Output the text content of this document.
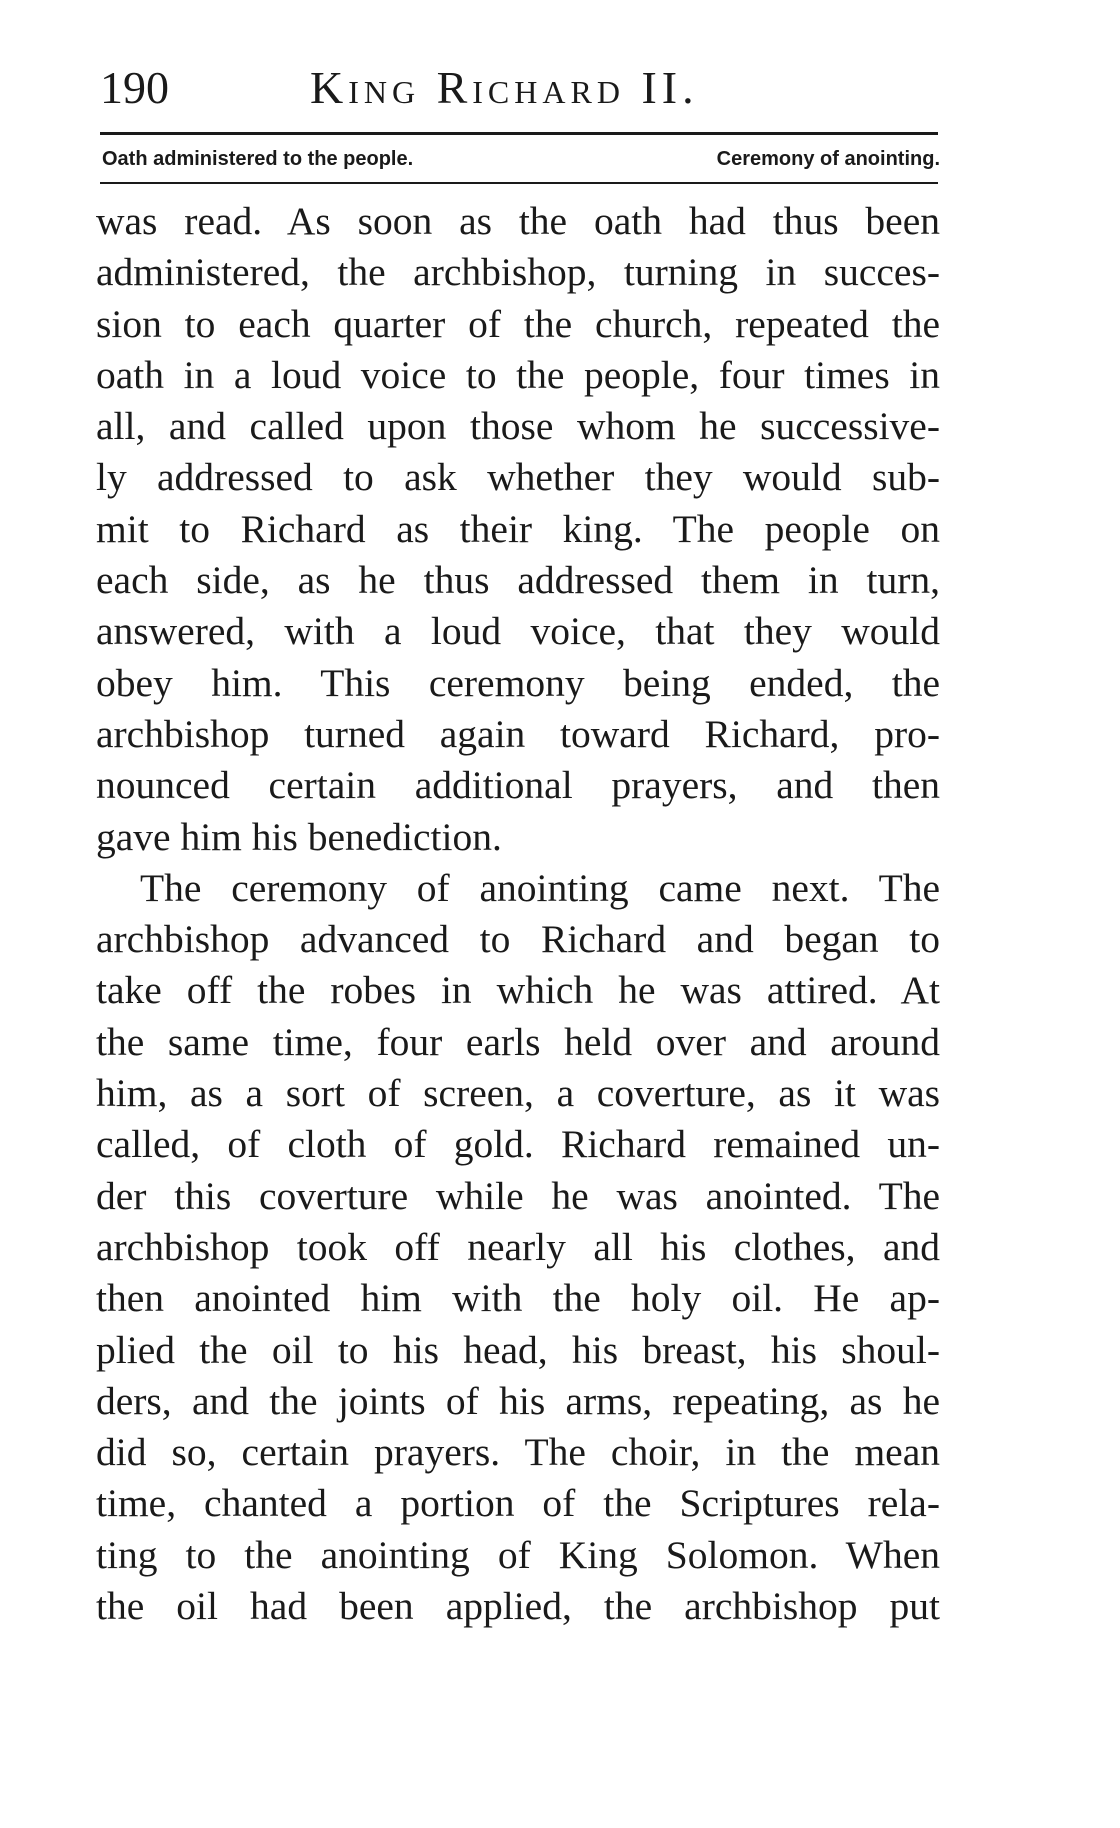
190	King Richard II.
Oath administered to the people.	Ceremony of anointing.
was read. As soon as the oath had thus been
administered, the archbishop, turning in succes-
sion to each quarter of the church, repeated the
oath in a loud voice to the people, four times in
all, and called upon those whom he successive-
ly addressed to ask whether they would sub-
mit to Richard as their king. The people on
each side, as he thus addressed them in turn,
answered, with a loud voice, that they would
obey him. This ceremony being ended, the
archbishop turned again toward Richard, pro-
nounced certain additional prayers, and then
gave him his benediction.
The ceremony of anointing came next. The
archbishop advanced to Richard and began to
take off the robes in which he was attired. At
the same time, four earls held over and around
him, as a sort of screen, a coverture, as it was
called, of cloth of gold. Richard remained un-
der this coverture while he was anointed. The
archbishop took off nearly all his clothes, and
then anointed him with the holy oil. He ap-
plied the oil to his head, his breast, his shoul-
ders, and the joints of his arms, repeating, as he
did so, certain prayers. The choir, in the mean
time, chanted a portion of the Scriptures rela-
ting to the anointing of King Solomon. When
the oil had been applied, the archbishop put
